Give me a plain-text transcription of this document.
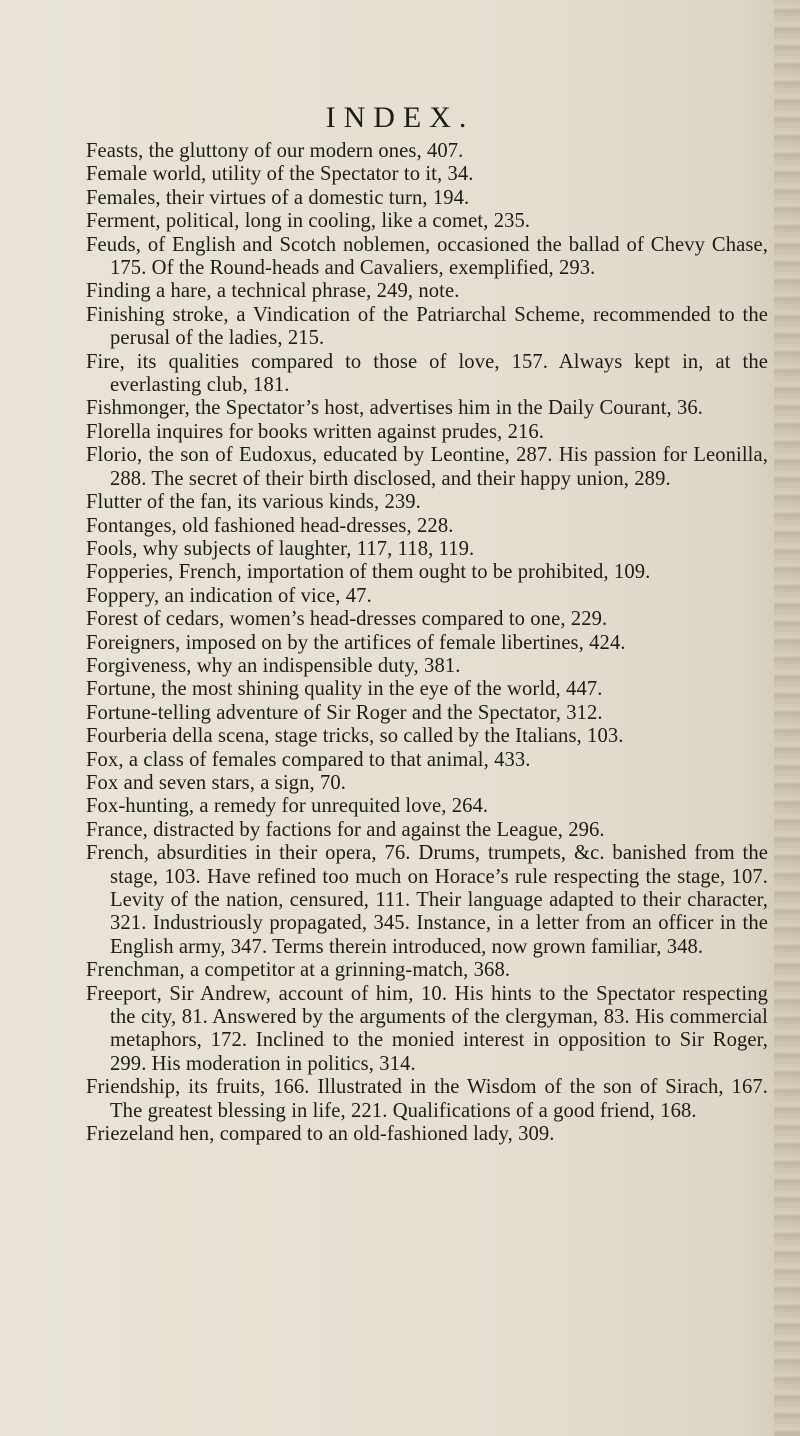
INDEX.

Feasts, the gluttony of our modern ones, 407.

Female world, utility of the Spectator to it, 34.

Females, their virtues of a domestic turn, 194.

Ferment, political, long in cooling, like a comet, 235.

Feuds, of English and Scotch noblemen, occasioned the ballad of Chevy Chase, 175. Of the Round-heads and Cavaliers, exemplified, 293.

Finding a hare, a technical phrase, 249, note.

Finishing stroke, a Vindication of the Patriarchal Scheme, recommended to the perusal of the ladies, 215.

Fire, its qualities compared to those of love, 157. Always kept in, at the everlasting club, 181.

Fishmonger, the Spectator’s host, advertises him in the Daily Courant, 36.

Florella inquires for books written against prudes, 216.

Florio, the son of Eudoxus, educated by Leontine, 287. His passion for Leonilla, 288. The secret of their birth disclosed, and their happy union, 289.

Flutter of the fan, its various kinds, 239.

Fontanges, old fashioned head-dresses, 228.

Fools, why subjects of laughter, 117, 118, 119.

Fopperies, French, importation of them ought to be prohibited, 109.

Foppery, an indication of vice, 47.

Forest of cedars, women’s head-dresses compared to one, 229.

Foreigners, imposed on by the artifices of female libertines, 424.

Forgiveness, why an indispensible duty, 381.

Fortune, the most shining quality in the eye of the world, 447.

Fortune-telling adventure of Sir Roger and the Spectator, 312.

Fourberia della scena, stage tricks, so called by the Italians, 103.

Fox, a class of females compared to that animal, 433.

Fox and seven stars, a sign, 70.

Fox-hunting, a remedy for unrequited love, 264.

France, distracted by factions for and against the League, 296.

French, absurdities in their opera, 76. Drums, trumpets, &c. banished from the stage, 103. Have refined too much on Horace’s rule respecting the stage, 107. Levity of the nation, censured, 111. Their language adapted to their character, 321. Industriously propagated, 345. Instance, in a letter from an officer in the English army, 347. Terms therein introduced, now grown familiar, 348.

Frenchman, a competitor at a grinning-match, 368.

Freeport, Sir Andrew, account of him, 10. His hints to the Spectator respecting the city, 81. Answered by the arguments of the clergyman, 83. His commercial metaphors, 172. Inclined to the monied interest in opposition to Sir Roger, 299. His moderation in politics, 314.

Friendship, its fruits, 166. Illustrated in the Wisdom of the son of Sirach, 167. The greatest blessing in life, 221. Qualifications of a good friend, 168.

Friezeland hen, compared to an old-fashioned lady, 309.
